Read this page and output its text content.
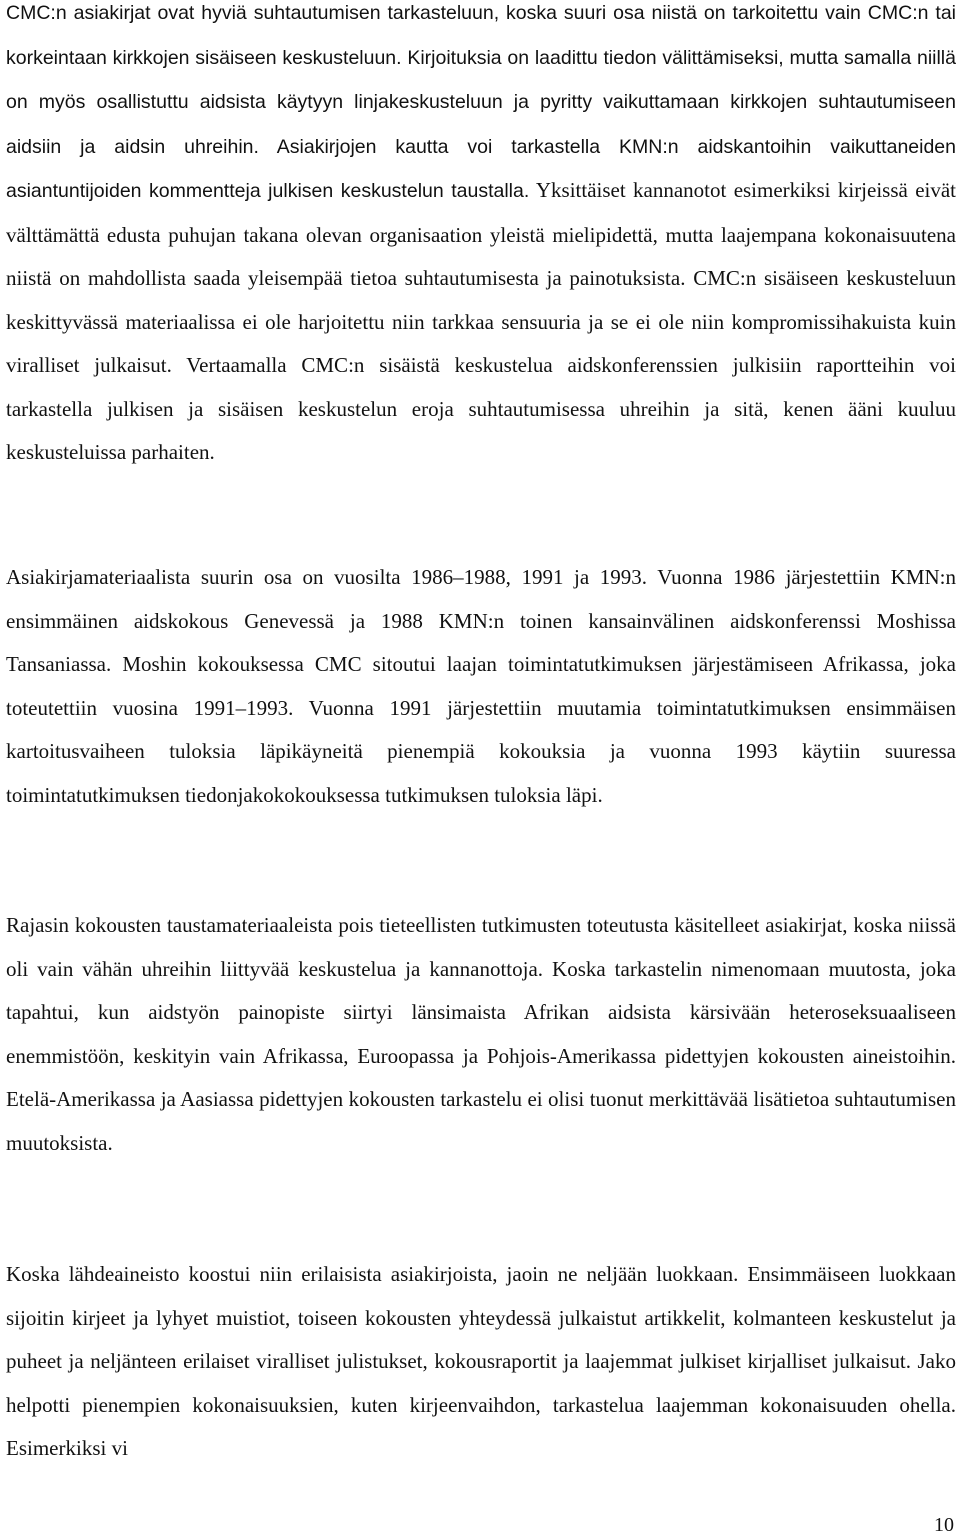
CMC:n asiakirjat ovat hyviä suhtautumisen tarkasteluun, koska suuri osa niistä on tarkoitettu vain CMC:n tai korkeintaan kirkkojen sisäiseen keskusteluun. Kirjoituksia on laadittu tiedon välittämiseksi, mutta samalla niillä on myös osallistuttu aidsista käytyyn linjakeskusteluun ja pyritty vaikuttamaan kirkkojen suhtautumiseen aidsiin ja aidsin uhreihin. Asiakirjojen kautta voi tarkastella KMN:n aidskantoihin vaikuttaneiden asiantuntijoiden kommentteja julkisen keskustelun taustalla. Yksittäiset kannanotot esimerkiksi kirjeissä eivät välttämättä edusta puhujan takana olevan organisaation yleistä mielipidettä, mutta laajempana kokonaisuutena niistä on mahdollista saada yleisempää tietoa suhtautumisesta ja painotuksista. CMC:n sisäiseen keskusteluun keskittyvässä materiaalissa ei ole harjoitettu niin tarkkaa sensuuria ja se ei ole niin kompromissihakuista kuin viralliset julkaisut. Vertaamalla CMC:n sisäistä keskustelua aidskonferenssien julkisiin raportteihin voi tarkastella julkisen ja sisäisen keskustelun eroja suhtautumisessa uhreihin ja sitä, kenen ääni kuuluu keskusteluissa parhaiten.

Asiakirjamateriaalista suurin osa on vuosilta 1986–1988, 1991 ja 1993. Vuonna 1986 järjestettiin KMN:n ensimmäinen aidskokous Genevessä ja 1988 KMN:n toinen kansainvälinen aidskonferenssi Moshissa Tansaniassa. Moshin kokouksessa CMC sitoutui laajan toimintatutkimuksen järjestämiseen Afrikassa, joka toteutettiin vuosina 1991–1993. Vuonna 1991 järjestettiin muutamia toimintatutkimuksen ensimmäisen kartoitusvaiheen tuloksia läpikäyneitä pienempiä kokouksia ja vuonna 1993 käytiin suuressa toimintatutkimuksen tiedonjakokokouksessa tutkimuksen tuloksia läpi.

Rajasin kokousten taustamateriaaleista pois tieteellisten tutkimusten toteutusta käsitelleet asiakirjat, koska niissä oli vain vähän uhreihin liittyvää keskustelua ja kannanottoja. Koska tarkastelin nimenomaan muutosta, joka tapahtui, kun aidstyön painopiste siirtyi länsimaista Afrikan aidsista kärsivään heteroseksuaaliseen enemmistöön, keskityin vain Afrikassa, Euroopassa ja Pohjois-Amerikassa pidettyjen kokousten aineistoihin. Etelä-Amerikassa ja Aasiassa pidettyjen kokousten tarkastelu ei olisi tuonut merkittävää lisätietoa suhtautumisen muutoksista.

Koska lähdeaineisto koostui niin erilaisista asiakirjoista, jaoin ne neljään luokkaan. Ensimmäiseen luokkaan sijoitin kirjeet ja lyhyet muistiot, toiseen kokousten yhteydessä julkaistut artikkelit, kolmanteen keskustelut ja puheet ja neljänteen erilaiset viralliset julistukset, kokousraportit ja laajemmat julkiset kirjalliset julkaisut. Jako helpotti pienempien kokonaisuuksien, kuten kirjeenvaihdon, tarkastelua laajemman kokonaisuuden ohella. Esimerkiksi vi

10
